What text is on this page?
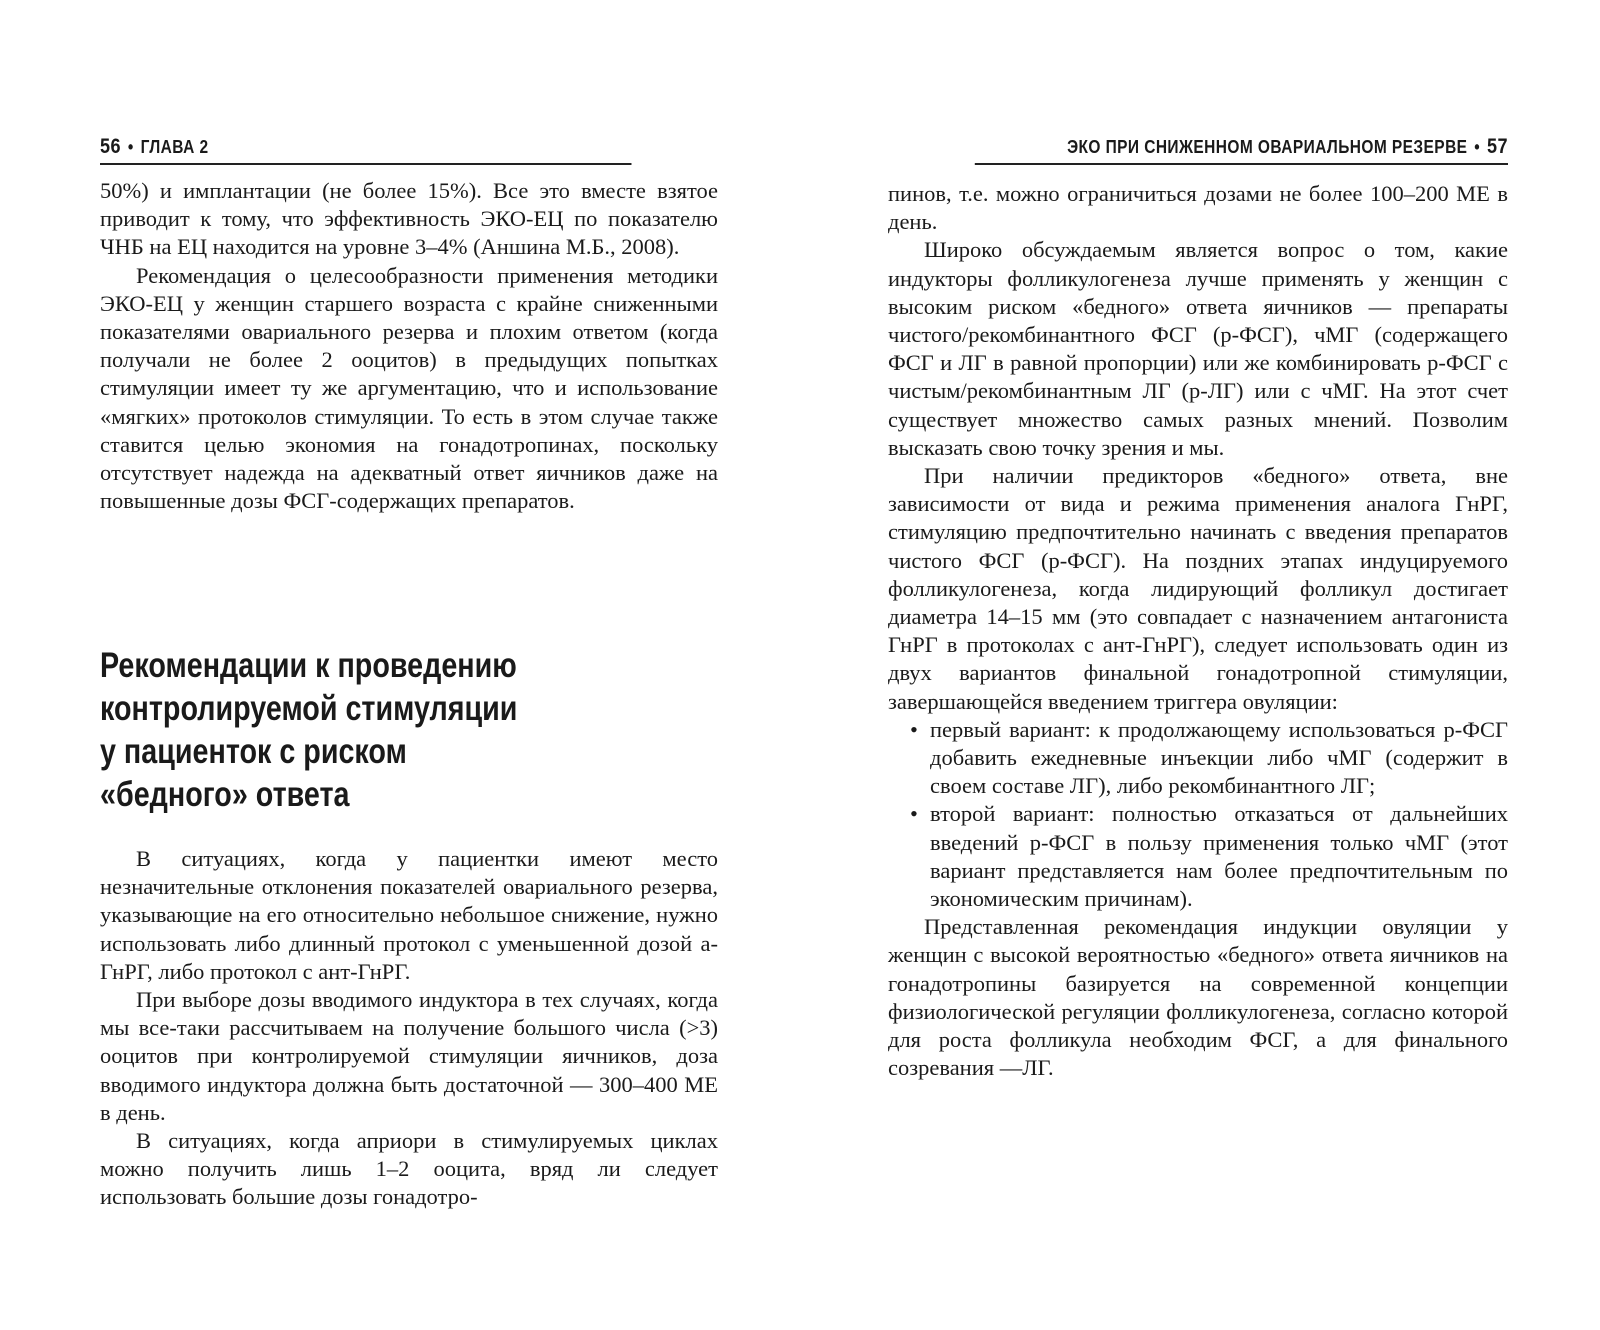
56 • ГЛАВА 2

50%) и имплантации (не более 15%). Все это вместе взятое приводит к тому, что эффективность ЭКО-ЕЦ по показателю ЧНБ на ЕЦ находится на уровне 3–4% (Аншина М.Б., 2008).

Рекомендация о целесообразности применения методики ЭКО-ЕЦ у женщин старшего возраста с крайне сниженными показателями овариального резерва и плохим ответом (когда получали не более 2 ооцитов) в предыдущих попытках стимуляции имеет ту же аргументацию, что и использование «мягких» протоколов стимуляции. То есть в этом случае также ставится целью экономия на гонадотропинах, поскольку отсутствует надежда на адекватный ответ яичников даже на повышенные дозы ФСГ-содержащих препаратов.

Рекомендации к проведению
контролируемой стимуляции
у пациенток с риском
«бедного» ответа

В ситуациях, когда у пациентки имеют место незначительные отклонения показателей овариального резерва, указывающие на его относительно небольшое снижение, нужно использовать либо длинный протокол с уменьшенной дозой а-ГнРГ, либо протокол с ант-ГнРГ.

При выборе дозы вводимого индуктора в тех случаях, когда мы все-таки рассчитываем на получение большого числа (>3) ооцитов при контролируемой стимуляции яичников, доза вводимого индуктора должна быть достаточной — 300–400 МЕ в день.

В ситуациях, когда априори в стимулируемых циклах можно получить лишь 1–2 ооцита, вряд ли следует использовать большие дозы гонадотро-

ЭКО ПРИ СНИЖЕННОМ ОВАРИАЛЬНОМ РЕЗЕРВЕ • 57

пинов, т.е. можно ограничиться дозами не более 100–200 МЕ в день.

Широко обсуждаемым является вопрос о том, какие индукторы фолликулогенеза лучше применять у женщин с высоким риском «бедного» ответа яичников — препараты чистого/рекомбинантного ФСГ (р-ФСГ), чМГ (содержащего ФСГ и ЛГ в равной пропорции) или же комбинировать р-ФСГ с чистым/рекомбинантным ЛГ (р-ЛГ) или с чМГ. На этот счет существует множество самых разных мнений. Позволим высказать свою точку зрения и мы.

При наличии предикторов «бедного» ответа, вне зависимости от вида и режима применения аналога ГнРГ, стимуляцию предпочтительно начинать с введения препаратов чистого ФСГ (р-ФСГ). На поздних этапах индуцируемого фолликулогенеза, когда лидирующий фолликул достигает диаметра 14–15 мм (это совпадает с назначением антагониста ГнРГ в протоколах с ант-ГнРГ), следует использовать один из двух вариантов финальной гонадотропной стимуляции, завершающейся введением триггера овуляции:

• первый вариант: к продолжающему использоваться р-ФСГ добавить ежедневные инъекции либо чМГ (содержит в своем составе ЛГ), либо рекомбинантного ЛГ;
• второй вариант: полностью отказаться от дальнейших введений р-ФСГ в пользу применения только чМГ (этот вариант представляется нам более предпочтительным по экономическим причинам).

Представленная рекомендация индукции овуляции у женщин с высокой вероятностью «бедного» ответа яичников на гонадотропины базируется на современной концепции физиологической регуляции фолликулогенеза, согласно которой для роста фолликула необходим ФСГ, а для финального созревания —ЛГ.
